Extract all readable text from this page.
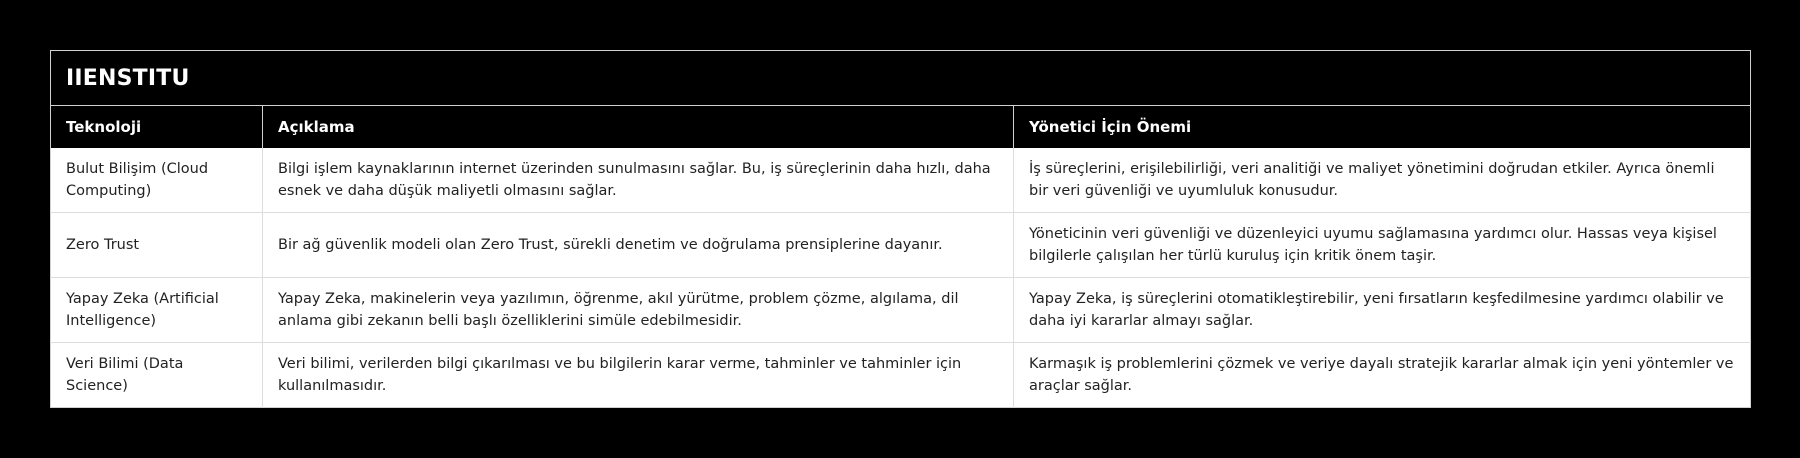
IIENSTITU		
Teknoloji	Açıklama	Yönetici İçin Önemi
Bulut Bilişim (Cloud Computing)	Bilgi işlem kaynaklarının internet üzerinden sunulmasını sağlar. Bu, iş süreçlerinin daha hızlı, daha esnek ve daha düşük maliyetli olmasını sağlar.	İş süreçlerini, erişilebilirliği, veri analitiği ve maliyet yönetimini doğrudan etkiler. Ayrıca önemli bir veri güvenliği ve uyumluluk konusudur.
Zero Trust	Bir ağ güvenlik modeli olan Zero Trust, sürekli denetim ve doğrulama prensiplerine dayanır.	Yöneticinin veri güvenliği ve düzenleyici uyumu sağlamasına yardımcı olur. Hassas veya kişisel bilgilerle çalışılan her türlü kuruluş için kritik önem taşir.
Yapay Zeka (Artificial Intelligence)	Yapay Zeka, makinelerin veya yazılımın, öğrenme, akıl yürütme, problem çözme, algılama, dil anlama gibi zekanın belli başlı özelliklerini simüle edebilmesidir.	Yapay Zeka, iş süreçlerini otomatikleştirebilir, yeni fırsatların keşfedilmesine yardımcı olabilir ve daha iyi kararlar almayı sağlar.
Veri Bilimi (Data Science)	Veri bilimi, verilerden bilgi çıkarılması ve bu bilgilerin karar verme, tahminler ve tahminler için kullanılmasıdır.	Karmaşık iş problemlerini çözmek ve veriye dayalı stratejik kararlar almak için yeni yöntemler ve araçlar sağlar.
